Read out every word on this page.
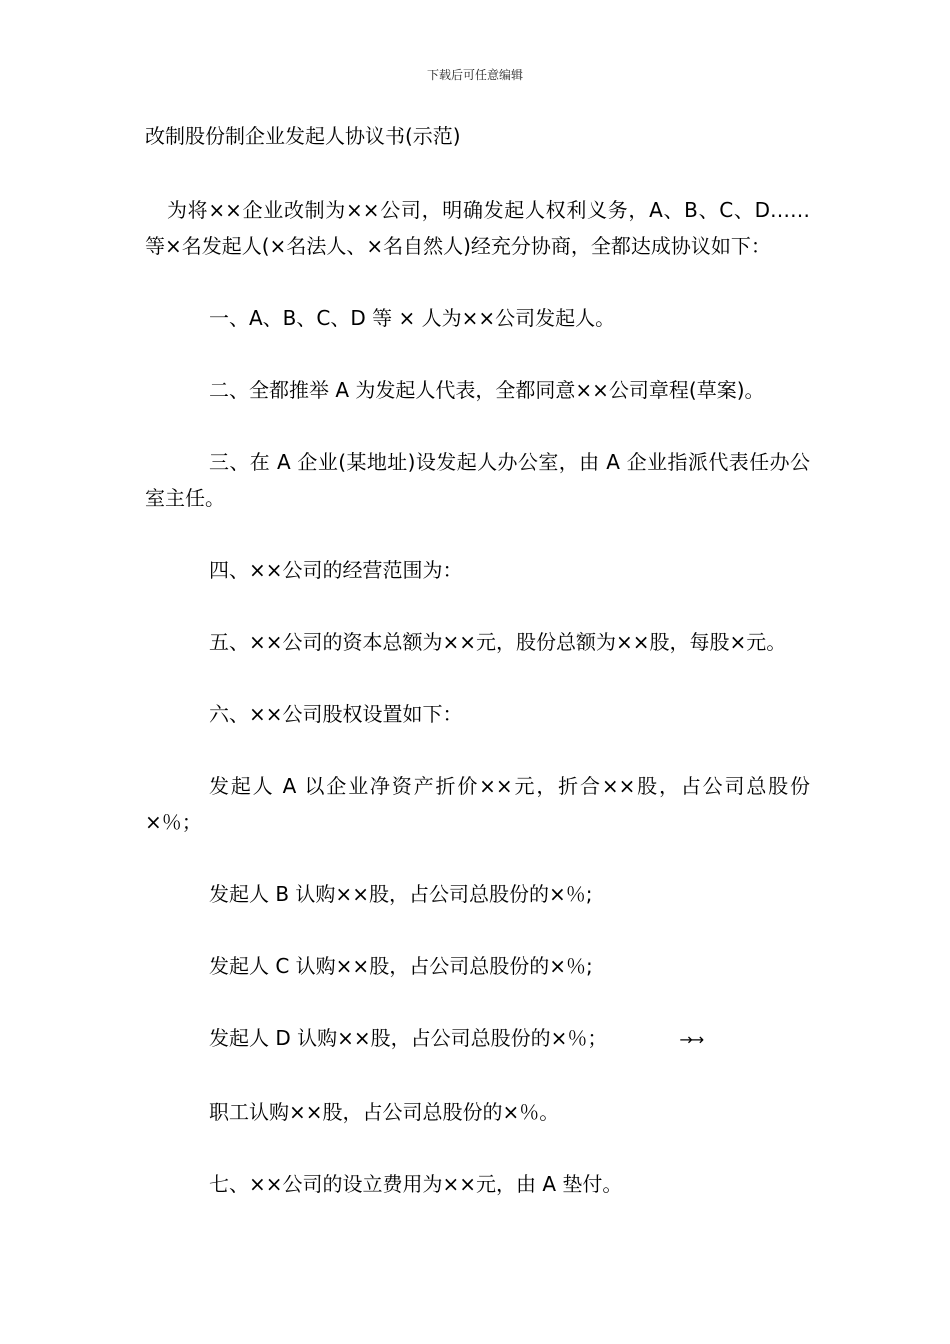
下载后可任意编辑
改制股份制企业发起人协议书(示范)

为将××企业改制为××公司，明确发起人权利义务，A、B、C、D……等×名发起人(×名法人、×名自然人)经充分协商，全都达成协议如下：

一、A、B、C、D 等 × 人为××公司发起人。

二、全都推举 A 为发起人代表，全都同意××公司章程(草案)。

三、在 A 企业(某地址)设发起人办公室，由 A 企业指派代表任办公室主任。

四、××公司的经营范围为：

五、××公司的资本总额为××元，股份总额为××股，每股×元。

六、××公司股权设置如下：

发起人 A 以企业净资产折价××元，折合××股，占公司总股份×％；

发起人 B 认购××股，占公司总股份的×％;

发起人 C 认购××股，占公司总股份的×％;

发起人 D 认购××股，占公司总股份的×％；	→→

职工认购××股，占公司总股份的×％。

七、××公司的设立费用为××元，由 A 垫付。
